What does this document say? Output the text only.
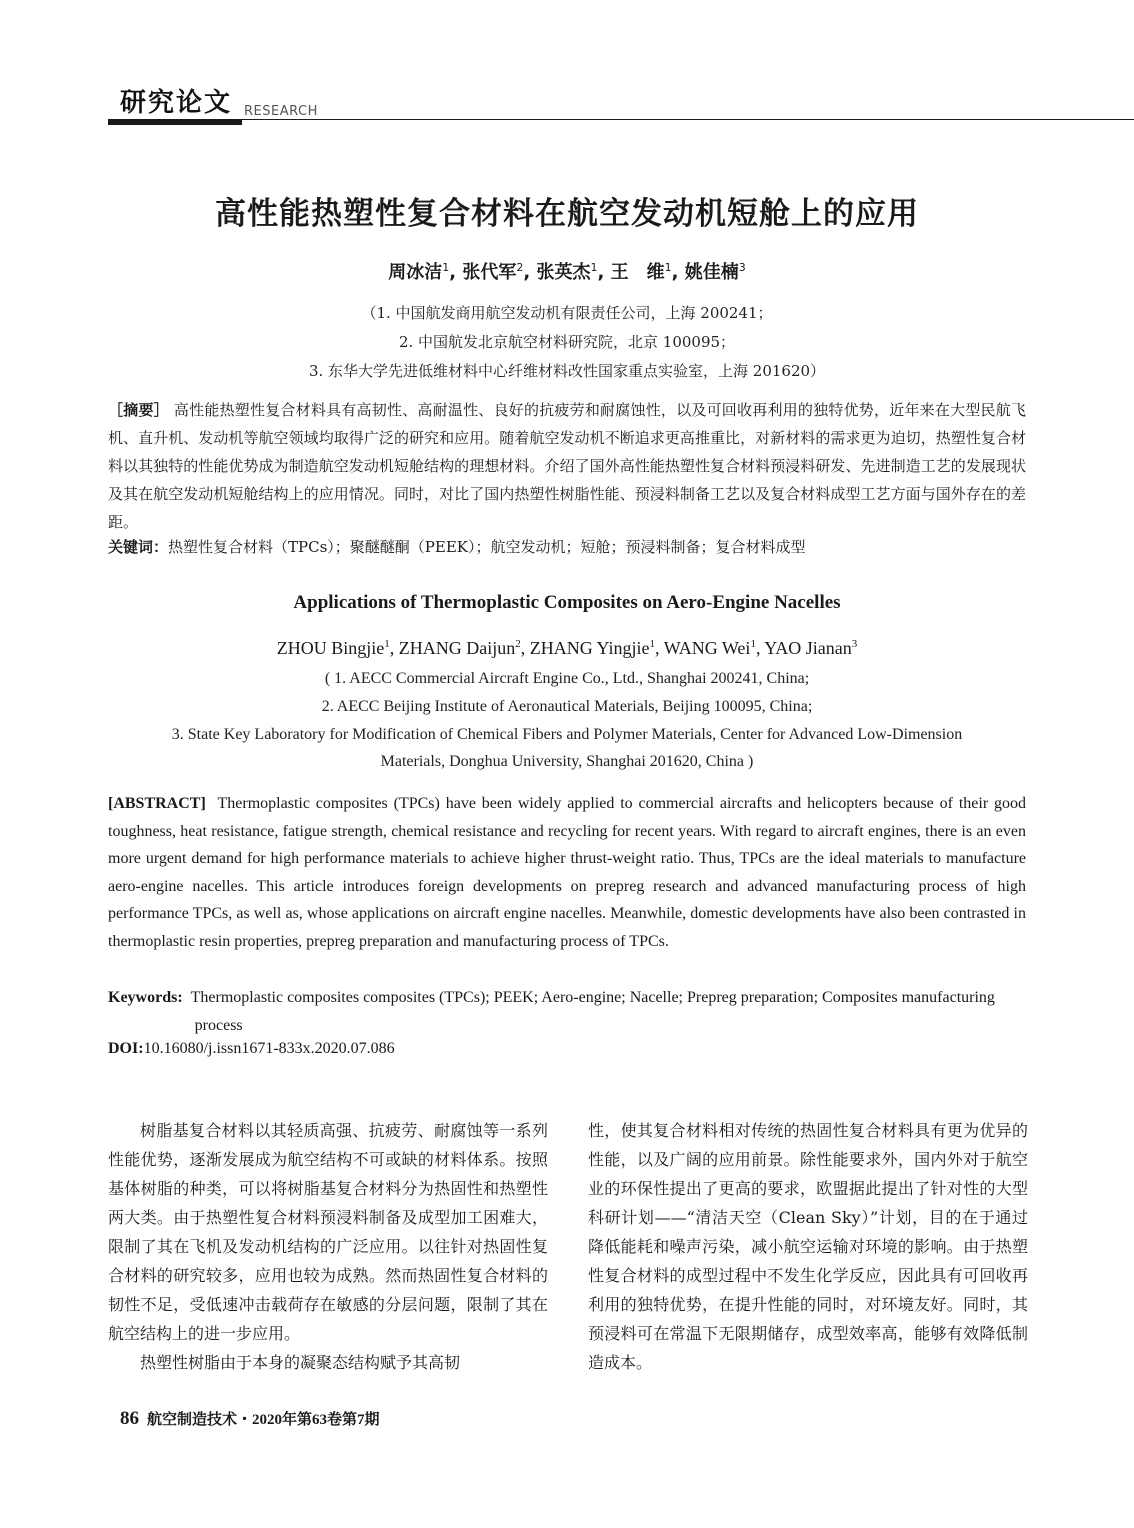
研究论文 RESEARCH
高性能热塑性复合材料在航空发动机短舱上的应用
周冰洁$^1$, 张代军$^2$, 张英杰$^1$, 王　维$^1$, 姚佳楠$^3$
（1. 中国航发商用航空发动机有限责任公司，上海 200241；
2. 中国航发北京航空材料研究院，北京 100095；
3. 东华大学先进低维材料中心纤维材料改性国家重点实验室，上海 201620）
［摘要］ 高性能热塑性复合材料具有高韧性、高耐温性、良好的抗疲劳和耐腐蚀性，以及可回收再利用的独特优势，近年来在大型民航飞机、直升机、发动机等航空领域均取得广泛的研究和应用。随着航空发动机不断追求更高推重比，对新材料的需求更为迫切，热塑性复合材料以其独特的性能优势成为制造航空发动机短舱结构的理想材料。介绍了国外高性能热塑性复合材料预浸料研发、先进制造工艺的发展现状及其在航空发动机短舱结构上的应用情况。同时，对比了国内热塑性树脂性能、预浸料制备工艺以及复合材料成型工艺方面与国外存在的差距。
关键词：热塑性复合材料（TPCs）；聚醚醚酮（PEEK）；航空发动机；短舱；预浸料制备；复合材料成型
Applications of Thermoplastic Composites on Aero-Engine Nacelles
ZHOU Bingjie$^1$, ZHANG Daijun$^2$, ZHANG Yingjie$^1$, WANG Wei$^1$, YAO Jianan$^3$
( 1. AECC Commercial Aircraft Engine Co., Ltd., Shanghai 200241, China;
2. AECC Beijing Institute of Aeronautical Materials, Beijing 100095, China;
3. State Key Laboratory for Modification of Chemical Fibers and Polymer Materials, Center for Advanced Low-Dimension
Materials, Donghua University, Shanghai 201620, China )
[ABSTRACT] Thermoplastic composites (TPCs) have been widely applied to commercial aircrafts and helicopters because of their good toughness, heat resistance, fatigue strength, chemical resistance and recycling for recent years. With regard to aircraft engines, there is an even more urgent demand for high performance materials to achieve higher thrust-weight ratio. Thus, TPCs are the ideal materials to manufacture aero-engine nacelles. This article introduces foreign developments on prepreg research and advanced manufacturing process of high performance TPCs, as well as, whose applications on aircraft engine nacelles. Meanwhile, domestic developments have also been contrasted in thermoplastic resin properties, prepreg preparation and manufacturing process of TPCs.
Keywords: Thermoplastic composites composites (TPCs); PEEK; Aero-engine; Nacelle; Prepreg preparation; Composites manufacturing process
DOI:10.16080/j.issn1671-833x.2020.07.086

树脂基复合材料以其轻质高强、抗疲劳、耐腐蚀等一系列性能优势，逐渐发展成为航空结构不可或缺的材料体系。按照基体树脂的种类，可以将树脂基复合材料分为热固性和热塑性两大类。由于热塑性复合材料预浸料制备及成型加工困难大，限制了其在飞机及发动机结构的广泛应用。以往针对热固性复合材料的研究较多，应用也较为成熟。然而热固性复合材料的韧性不足，受低速冲击载荷存在敏感的分层问题，限制了其在航空结构上的进一步应用。

热塑性树脂由于本身的凝聚态结构赋予其高韧

性，使其复合材料相对传统的热固性复合材料具有更为优异的性能，以及广阔的应用前景。除性能要求外，国内外对于航空业的环保性提出了更高的要求，欧盟据此提出了针对性的大型科研计划——“清洁天空（Clean Sky）”计划，目的在于通过降低能耗和噪声污染，减小航空运输对环境的影响。由于热塑性复合材料的成型过程中不发生化学反应，因此具有可回收再利用的独特优势，在提升性能的同时，对环境友好。同时，其预浸料可在常温下无限期储存，成型效率高，能够有效降低制造成本。

86 航空制造技术・2020年第63卷第7期
